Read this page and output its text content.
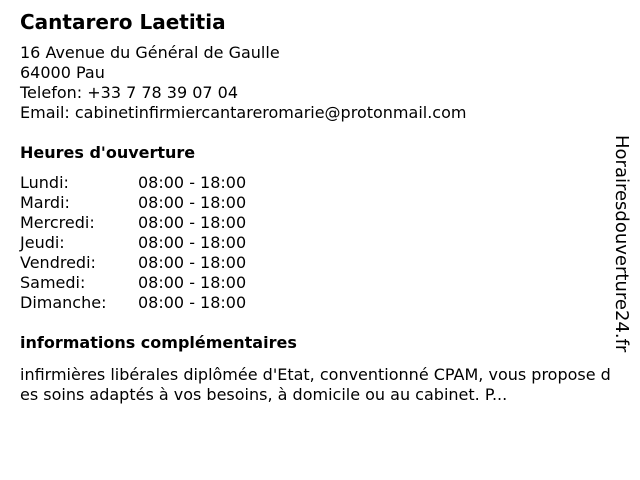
Cantarero Laetitia
16 Avenue du Général de Gaulle
64000 Pau
Telefon: +33 7 78 39 07 04
Email: cabinetinfirmiercantareromarie@protonmail.com
Heures d'ouverture
Lundi:	08:00 - 18:00
Mardi:	08:00 - 18:00
Mercredi:	08:00 - 18:00
Jeudi:	08:00 - 18:00
Vendredi:	08:00 - 18:00
Samedi:	08:00 - 18:00
Dimanche:	08:00 - 18:00
informations complémentaires
infirmières libérales diplômée d'Etat, conventionné CPAM, vous propose des soins adaptés à vos besoins, à domicile ou au cabinet. P...
Horairesdouverture24.fr
